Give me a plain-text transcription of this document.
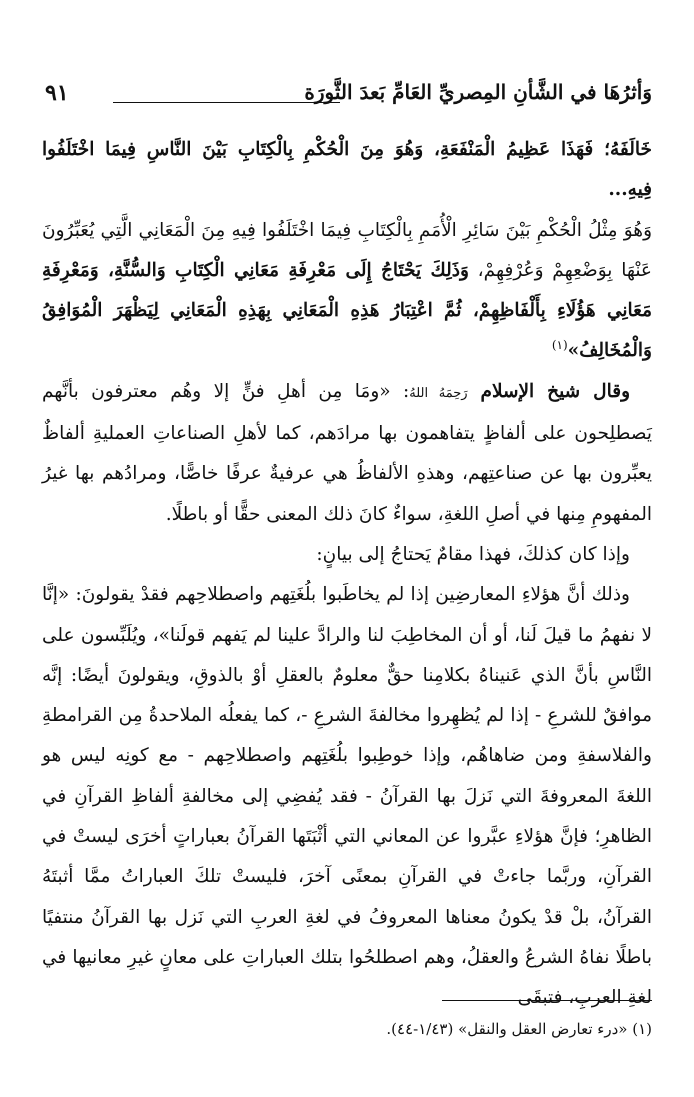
وَأثرُهَا في الشَّأنِ المِصريِّ العَامِّ بَعدَ الثَّورَة
٩١

خَالَفَهُ؛ فَهَذَا عَظِيمُ الْمَنْفَعَةِ، وَهُوَ مِنَ الْحُكْمِ بِالْكِتَابِ بَيْنَ النَّاسِ فِيمَا اخْتَلَفُوا فِيهِ...

وَهُوَ مِثْلُ الْحُكْمِ بَيْنَ سَائِرِ الْأُمَمِ بِالْكِتَابِ فِيمَا اخْتَلَفُوا فِيهِ مِنَ الْمَعَانِي الَّتِي يُعَبِّرُونَ عَنْهَا بِوَضْعِهِمْ وَعُرْفِهِمْ، وَذَلِكَ يَحْتَاجُ إِلَى مَعْرِفَةِ مَعَانِي الْكِتَابِ وَالسُّنَّةِ، وَمَعْرِفَةِ مَعَانِي هَؤُلَاءِ بِأَلْفَاظِهِمْ، ثُمَّ اعْتِبَارُ هَذِهِ الْمَعَانِي بِهَذِهِ الْمَعَانِي لِيَظْهَرَ الْمُوَافِقُ وَالْمُخَالِفُ»$^{(١)}$

وقال شيخ الإسلام رَحِمَهُ اللهُ: «ومَا مِن أهلِ فنٍّ إلا وهُم معترفون بأنَّهم يَصطلِحون على ألفاظٍ يتفاهمون بها مرادَهم، كما لأهلِ الصناعاتِ العمليةِ ألفاظٌ يعبِّرون بها عن صناعتِهم، وهذهِ الألفاظُ هي عرفيةٌ عرفًا خاصًّا، ومرادُهم بها غيرُ المفهومِ مِنها في أصلِ اللغةِ، سواءٌ كانَ ذلك المعنى حقًّا أو باطلًا.

وإذا كان كذلكَ، فهذا مقامٌ يَحتاجُ إلى بيانٍ:

وذلك أنَّ هؤلاءِ المعارضِين إذا لم يخاطَبوا بلُغَتِهم واصطلاحِهم فقدْ يقولونَ: «إنَّا لا نفهمُ ما قيلَ لَنا، أو أن المخاطِبَ لنا والرادَّ علينا لم يَفهم قولَنا»، ويُلَبِّسون على النَّاسِ بأنَّ الذي عَنيناهُ بكلامِنا حقٌّ معلومٌ بالعقلِ أوْ بالذوقِ، ويقولونَ أيضًا: إنَّه موافقٌ للشرعِ - إذا لم يُظهِروا مخالفةَ الشرعِ -، كما يفعلُه الملاحدةُ مِن القرامطةِ والفلاسفةِ ومن ضاهاهُم، وإذا خوطِبوا بلُغَتِهم واصطلاحِهم - مع كونِه ليس هو اللغةَ المعروفةَ التي نَزلَ بها القرآنُ - فقد يُفضِي إلى مخالفةِ ألفاظِ القرآنِ في الظاهرِ؛ فإنَّ هؤلاءِ عبَّروا عن المعاني التي أثْبَتَها القرآنُ بعباراتٍ أخرَى ليستْ في القرآنِ، وربَّما جاءتْ في القرآنِ بمعنًى آخرَ، فليستْ تلكَ العباراتُ ممَّا أثبتَهُ القرآنُ، بلْ قدْ يكونُ معناها المعروفُ في لغةِ العربِ التي نَزل بها القرآنُ منتفيًا باطلًا نفاهُ الشرعُ والعقلُ، وهم اصطلحُوا بتلك العباراتِ على معانٍ غيرِ معانيها في لغةِ العربِ، فتبقَى

(١) «درء تعارض العقل والنقل» (١/٤٣-٤٤).
